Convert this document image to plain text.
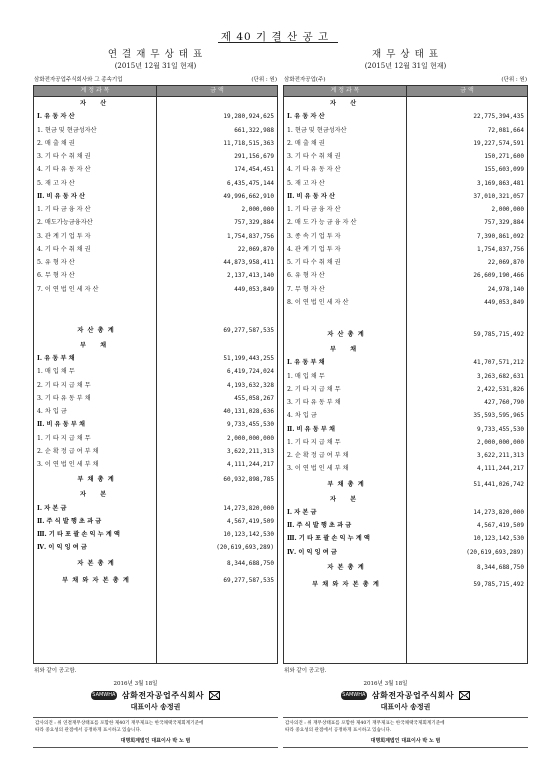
제 40 기 결 산 공 고
연 결 재 무 상 태 표
(2015년 12월 31일 현재)
삼화전자공업주식회사와 그 종속기업	(단위 : 원)
계 정 과 목	금 액
자 산
Ⅰ. 유 동 자 산	19,280,924,625
1. 현금 및 현금성자산	661,322,988
2. 매 출 채 권	11,718,515,363
3. 기 타 수 취 채 권	291,156,679
4. 기 타 유 동 자 산	174,454,451
5. 재 고 자 산	6,435,475,144
Ⅱ. 비 유 동 자 산	49,996,662,910
1. 기 타 금 융 자 산	2,000,000
2. 매도가능금융자산	757,329,884
3. 관 계 기 업 투 자	1,754,837,756
4. 기 타 수 취 채 권	22,069,870
5. 유 형 자 산	44,873,958,411
6. 무 형 자 산	2,137,413,140
7. 이 연 법 인 세 자 산	449,053,849
자 산 총 계	69,277,587,535
부 채
Ⅰ. 유 동 부 채	51,199,443,255
1. 매 입 채 무	6,419,724,024
2. 기 타 지 급 채 무	4,193,632,328
3. 기 타 유 동 부 채	455,058,267
4. 차 입 금	40,131,028,636
Ⅱ. 비 유 동 부 채	9,733,455,530
1. 기 타 지 급 채 무	2,000,000,000
2. 순 확 정 급 여 부 채	3,622,211,313
3. 이 연 법 인 세 부 채	4,111,244,217
부 채 총 계	60,932,898,785
자 본
Ⅰ. 자 본 금	14,273,820,000
Ⅱ. 주 식 발 행 초 과 금	4,567,419,509
Ⅲ. 기 타 포 괄 손 익 누 계 액	10,123,142,530
Ⅳ. 이 익 잉 여 금	(20,619,693,289)
자 본 총 계	8,344,688,750
부 채 와 자 본 총 계	69,277,587,535
위와 같이 공고함.
2016년 3월 18일
SAMWHA 삼화전자공업주식회사
대표이사 송정권
감사의견 : 위 연결재무상태표를 포함한 제40기 재무제표는 한국채택국제회계기준에
따라 중요성의 관점에서 공정하게 표시하고 있습니다.
대명회계법인 대표이사 박 노 범
재 무 상 태 표
(2015년 12월 31일 현재)
삼화전자공업(주)	(단위 : 원)
계 정 과 목	금 액
자 산
Ⅰ. 유 동 자 산	22,775,394,435
1. 현금 및 현금성자산	72,081,664
2. 매 출 채 권	19,227,574,591
3. 기 타 수 취 채 권	150,271,600
4. 기 타 유 동 자 산	155,603,099
5. 재 고 자 산	3,169,863,481
Ⅱ. 비 유 동 자 산	37,010,321,057
1. 기 타 금 융 자 산	2,000,000
2. 매 도 가 능 금 융 자 산	757,329,884
3. 종 속 기 업 투 자	7,390,861,092
4. 관 계 기 업 투 자	1,754,837,756
5. 기 타 수 취 채 권	22,069,870
6. 유 형 자 산	26,609,190,466
7. 무 형 자 산	24,978,140
8. 이 연 법 인 세 자 산	449,053,849
자 산 총 계	59,785,715,492
부 채
Ⅰ. 유 동 부 채	41,707,571,212
1. 매 입 채 무	3,263,682,631
2. 기 타 지 급 채 무	2,422,531,826
3. 기 타 유 동 부 채	427,760,790
4. 차 입 금	35,593,595,965
Ⅱ. 비 유 동 부 채	9,733,455,530
1. 기 타 지 급 채 무	2,000,000,000
2. 순 확 정 급 여 부 채	3,622,211,313
3. 이 연 법 인 세 부 채	4,111,244,217
부 채 총 계	51,441,026,742
자 본
Ⅰ. 자 본 금	14,273,820,000
Ⅱ. 주 식 발 행 초 과 금	4,567,419,509
Ⅲ. 기 타 포 괄 손 익 누 계 액	10,123,142,530
Ⅳ. 이 익 잉 여 금	(20,619,693,289)
자 본 총 계	8,344,688,750
부 채 와 자 본 총 계	59,785,715,492
위와 같이 공고함.
2016년 3월 18일
SAMWHA 삼화전자공업주식회사
대표이사 송정권
감사의견 : 위 재무상태표를 포함한 제40기 재무제표는 한국채택국제회계기준에
따라 중요성의 관점에서 공정하게 표시하고 있습니다.
대명회계법인 대표이사 박 노 범
